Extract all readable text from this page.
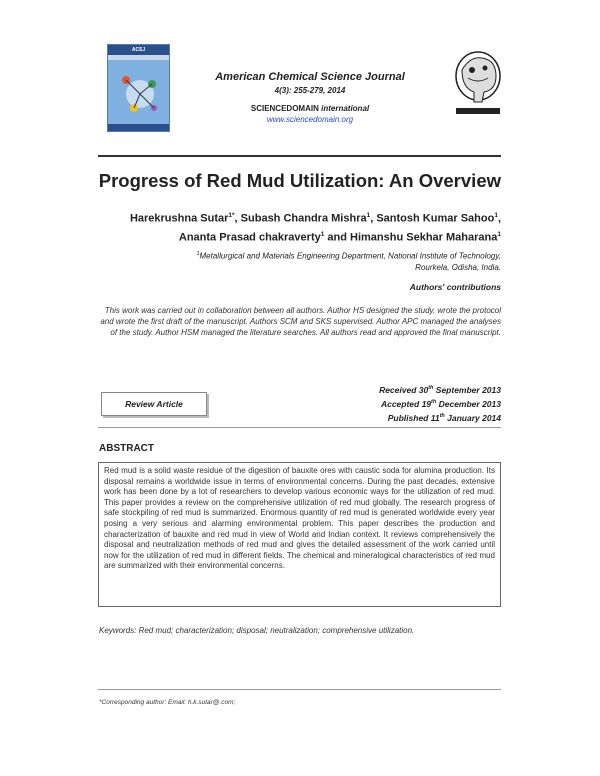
ACSJ
American Chemical Science Journal
4(3): 255-279, 2014
SCIENCEDOMAIN international
www.sciencedomain.org
Progress of Red Mud Utilization: An Overview
Harekrushna Sutar$^{1*}$, Subash Chandra Mishra$^1$, Santosh Kumar Sahoo$^1$,
Ananta Prasad chakraverty$^1$ and Himanshu Sekhar Maharana$^1$
$^1$Metallurgical and Materials Engineering Department, National Institute of Technology,
Rourkela, Odisha, India.
Authors' contributions
This work was carried out in collaboration between all authors. Author HS designed the study, wrote the protocol and wrote the first draft of the manuscript. Authors SCM and SKS supervised. Author APC managed the analyses of the study. Author HSM managed the literature searches. All authors read and approved the final manuscript.
Review Article
Received 30th September 2013
Accepted 19th December 2013
Published 11th January 2014
ABSTRACT
Red mud is a solid waste residue of the digestion of bauxite ores with caustic soda for alumina production. Its disposal remains a worldwide issue in terms of environmental concerns. During the past decades, extensive work has been done by a lot of researchers to develop various economic ways for the utilization of red mud. This paper provides a review on the comprehensive utilization of red mud globally. The research progress of safe stockpiling of red mud is summarized. Enormous quantity of red mud is generated worldwide every year posing a very serious and alarming environmental problem. This paper describes the production and characterization of bauxite and red mud in view of World and Indian context. It reviews comprehensively the disposal and neutralization methods of red mud and gives the detailed assessment of the work carried until now for the utilization of red mud in different fields. The chemical and mineralogical characteristics of red mud are summarized with their environmental concerns.
Keywords: Red mud; characterization; disposal; neutralization; comprehensive utilization.
*Corresponding author: Email: h.k.sutar@.com;
